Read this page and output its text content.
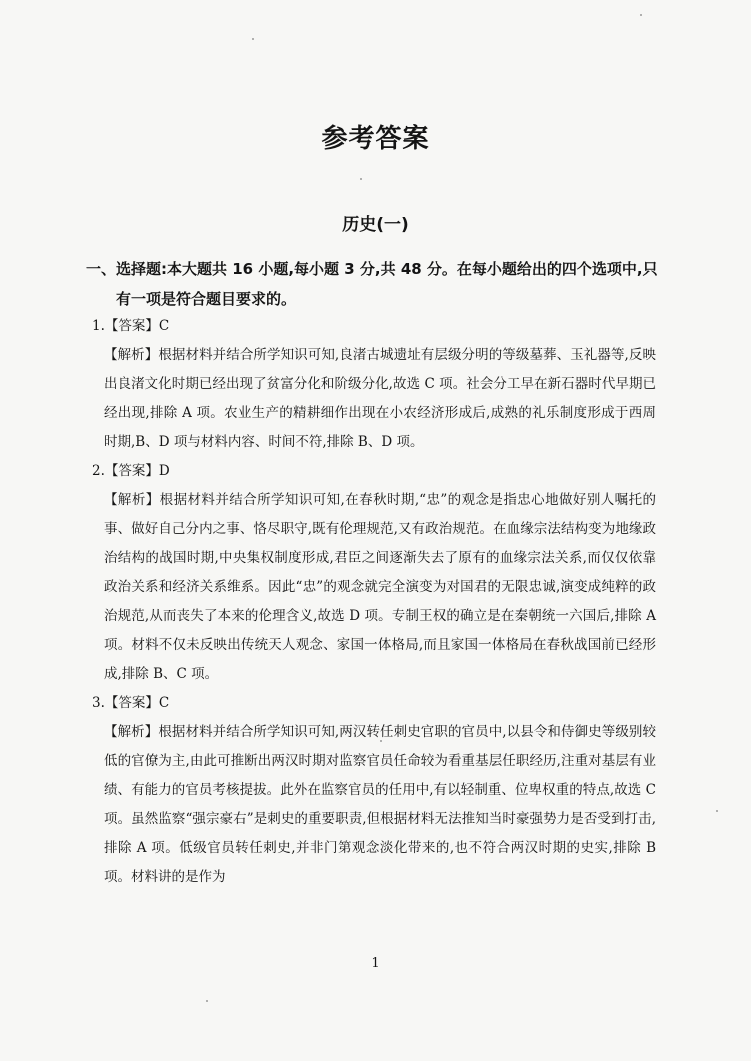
参考答案
历史(一)
一、选择题:本大题共 16 小题,每小题 3 分,共 48 分。在每小题给出的四个选项中,只
有一项是符合题目要求的。
1.【答案】C
【解析】根据材料并结合所学知识可知,良渚古城遗址有层级分明的等级墓葬、玉礼器等,反映出良渚文化时期已经出现了贫富分化和阶级分化,故选 C 项。社会分工早在新石器时代早期已经出现,排除 A 项。农业生产的精耕细作出现在小农经济形成后,成熟的礼乐制度形成于西周时期,B、D 项与材料内容、时间不符,排除 B、D 项。
2.【答案】D
【解析】根据材料并结合所学知识可知,在春秋时期,“忠”的观念是指忠心地做好别人嘱托的事、做好自己分内之事、恪尽职守,既有伦理规范,又有政治规范。在血缘宗法结构变为地缘政治结构的战国时期,中央集权制度形成,君臣之间逐渐失去了原有的血缘宗法关系,而仅仅依靠政治关系和经济关系维系。因此“忠”的观念就完全演变为对国君的无限忠诚,演变成纯粹的政治规范,从而丧失了本来的伦理含义,故选 D 项。专制王权的确立是在秦朝统一六国后,排除 A 项。材料不仅未反映出传统天人观念、家国一体格局,而且家国一体格局在春秋战国前已经形成,排除 B、C 项。
3.【答案】C
【解析】根据材料并结合所学知识可知,两汉转任刺史官职的官员中,以县令和侍御史等级别较低的官僚为主,由此可推断出两汉时期对监察官员任命较为看重基层任职经历,注重对基层有业绩、有能力的官员考核提拔。此外在监察官员的任用中,有以轻制重、位卑权重的特点,故选 C 项。虽然监察“强宗豪右”是刺史的重要职责,但根据材料无法推知当时豪强势力是否受到打击,排除 A 项。低级官员转任刺史,并非门第观念淡化带来的,也不符合两汉时期的史实,排除 B 项。材料讲的是作为
1
